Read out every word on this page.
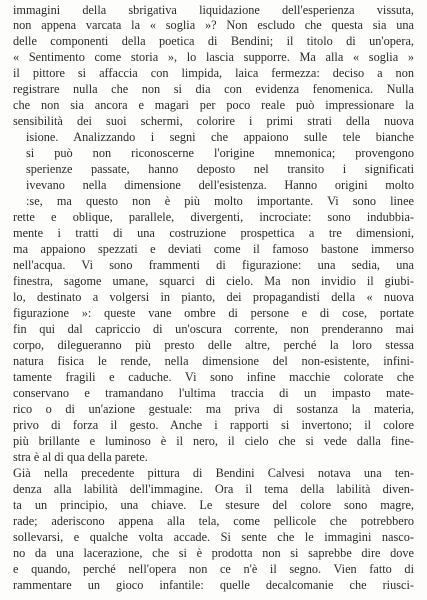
immagini della sbrigativa liquidazione dell'esperienza vissuta,

non appena varcata la « soglia »? Non escludo che questa sia una

delle componenti della poetica di Bendini; il titolo di un'opera,

« Sentimento come storia », lo lascia supporre. Ma alla « soglia »

il pittore si affaccia con limpida, laica fermezza: deciso a non

registrare nulla che non si dia con evidenza fenomenica. Nulla

che non sia ancora e magari per poco reale può impressionare la

sensibilità dei suoi schermi, colorire i primi strati della nuova

isione. Analizzando i segni che appaiono sulle tele bianche

si può non riconoscerne l'origine mnemonica; provengono

sperienze passate, hanno deposto nel transito i significati

ivevano nella dimensione dell'esistenza. Hanno origini molto

:se, ma questo non è più molto importante. Vi sono linee

rette e oblique, parallele, divergenti, incrociate: sono indubbia-

mente i tratti di una costruzione prospettica a tre dimensioni,

ma appaiono spezzati e deviati come il famoso bastone immerso

nell'acqua. Vi sono frammenti di figurazione: una sedia, una

finestra, sagome umane, squarci di cielo. Ma non invidio il giubi-

lo, destinato a volgersi in pianto, dei propagandisti della « nuova

figurazione »: queste vane ombre di persone e di cose, portate

fin qui dal capriccio di un'oscura corrente, non prenderanno mai

corpo, dilegueranno più presto delle altre, perché la loro stessa

natura fisica le rende, nella dimensione del non-esistente, infini-

tamente fragili e caduche. Vi sono infine macchie colorate che

conservano e tramandano l'ultima traccia di un impasto mate-

rico o di un'azione gestuale: ma priva di sostanza la materia,

privo di forza il gesto. Anche i rapporti si invertono; il colore

più brillante e luminoso è il nero, il cielo che si vede dalla fine-

stra è al di qua della parete.

Già nella precedente pittura di Bendini Calvesi notava una ten-

denza alla labilità dell'immagine. Ora il tema della labilità diven-

ta un principio, una chiave. Le stesure del colore sono magre,

rade; aderiscono appena alla tela, come pellicole che potrebbero

sollevarsi, e qualche volta accade. Si sente che le immagini nasco-

no da una lacerazione, che si è prodotta non si saprebbe dire dove

e quando, perché nell'opera non ce n'è il segno. Vien fatto di

rammentare un gioco infantile: quelle decalcomanie che riusci-
